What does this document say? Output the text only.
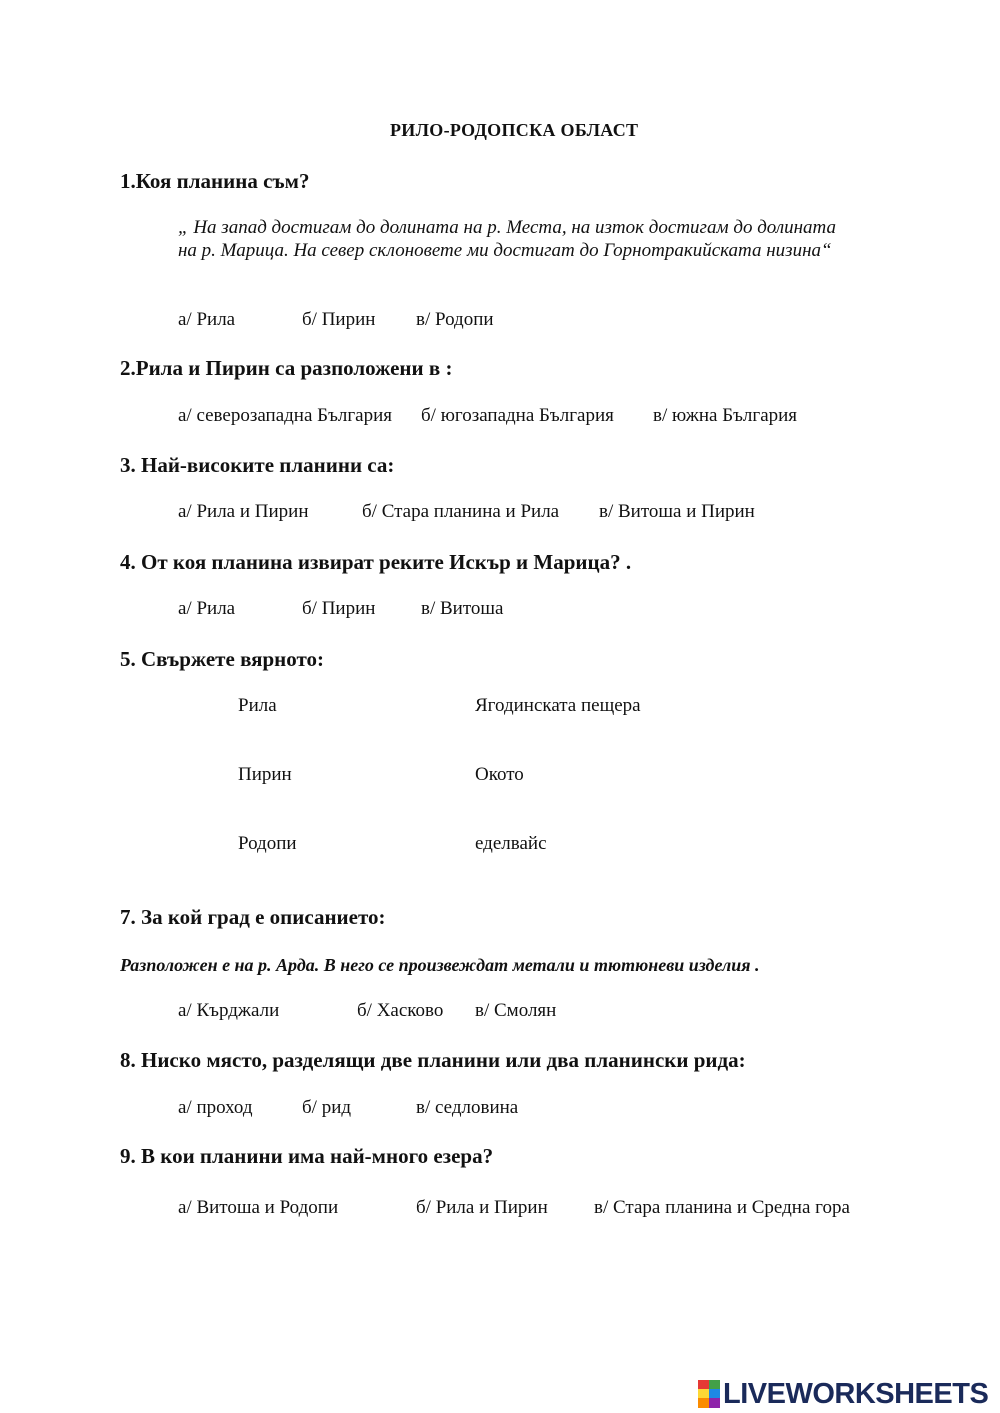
РИЛО-РОДОПСКА ОБЛАСТ
1.Коя планина съм?
„ На запад достигам до долината на р. Места, на изток достигам до долината на р. Марица. На север склоновете ми достигат до Горнотракийската низина“
а/ Рила	б/ Пирин в/ Родопи
2.Рила и Пирин са разположени в :
а/ северозападна България б/ югозападна България в/ южна България
3. Най-високите планини са:
а/ Рила и Пирин	б/ Стара планина и Рила в/ Витоша и Пирин
4. От коя планина извират реките Искър и Марица? .
а/ Рила	б/ Пирин в/ Витоша
5. Свържете вярното:
Рила	Ягодинската пещера
Пирин	Окото
Родопи	еделвайс
7. За кой град е описанието:
Разположен е на р. Арда. В него се произвеждат метали и тютюневи изделия .
а/ Кърджали	б/ Хасково в/ Смолян
8. Ниско място, разделящи две планини или два планински рида:
а/ проход	б/ рид	в/ седловина
9. В кои планини има най-много езера?
а/ Витоша и Родопи	б/ Рила и Пирин в/ Стара планина и Средна гора
LIVEWORKSHEETS
